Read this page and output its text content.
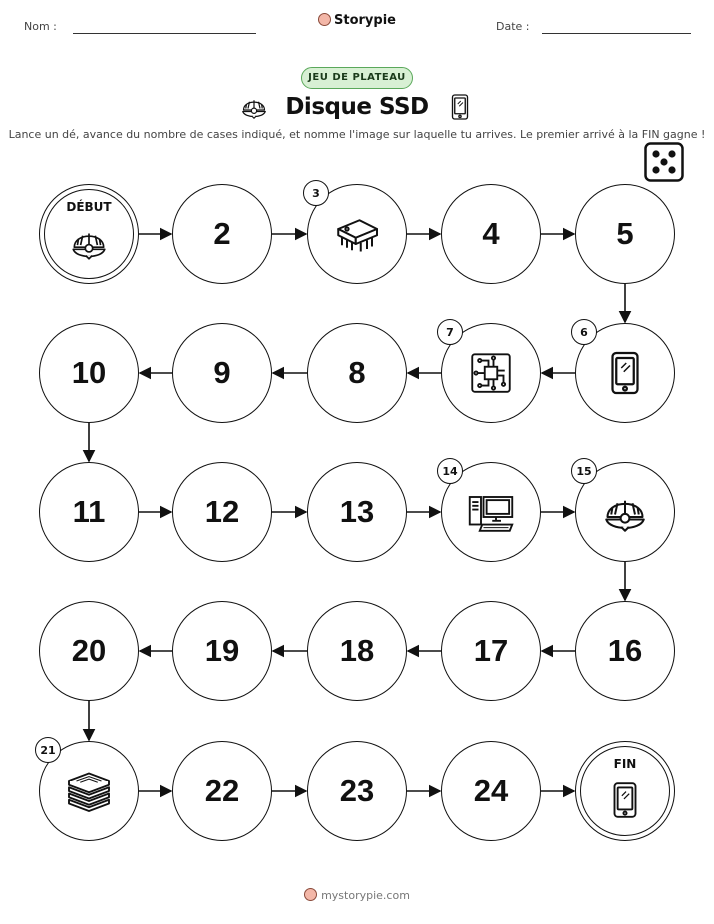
Nom :	Storypie	Date :
JEU DE PLATEAU
Disque SSD
Lance un dé, avance du nombre de cases indiqué, et nomme l'image sur laquelle tu arrives. Le premier arrivé à la FIN gagne !
DÉBUT
2
3
4	5
6
7
8
9
10
11	12	13
14	15
16
17
18
19
20
21
22	23	24
FIN
mystorypie.com
